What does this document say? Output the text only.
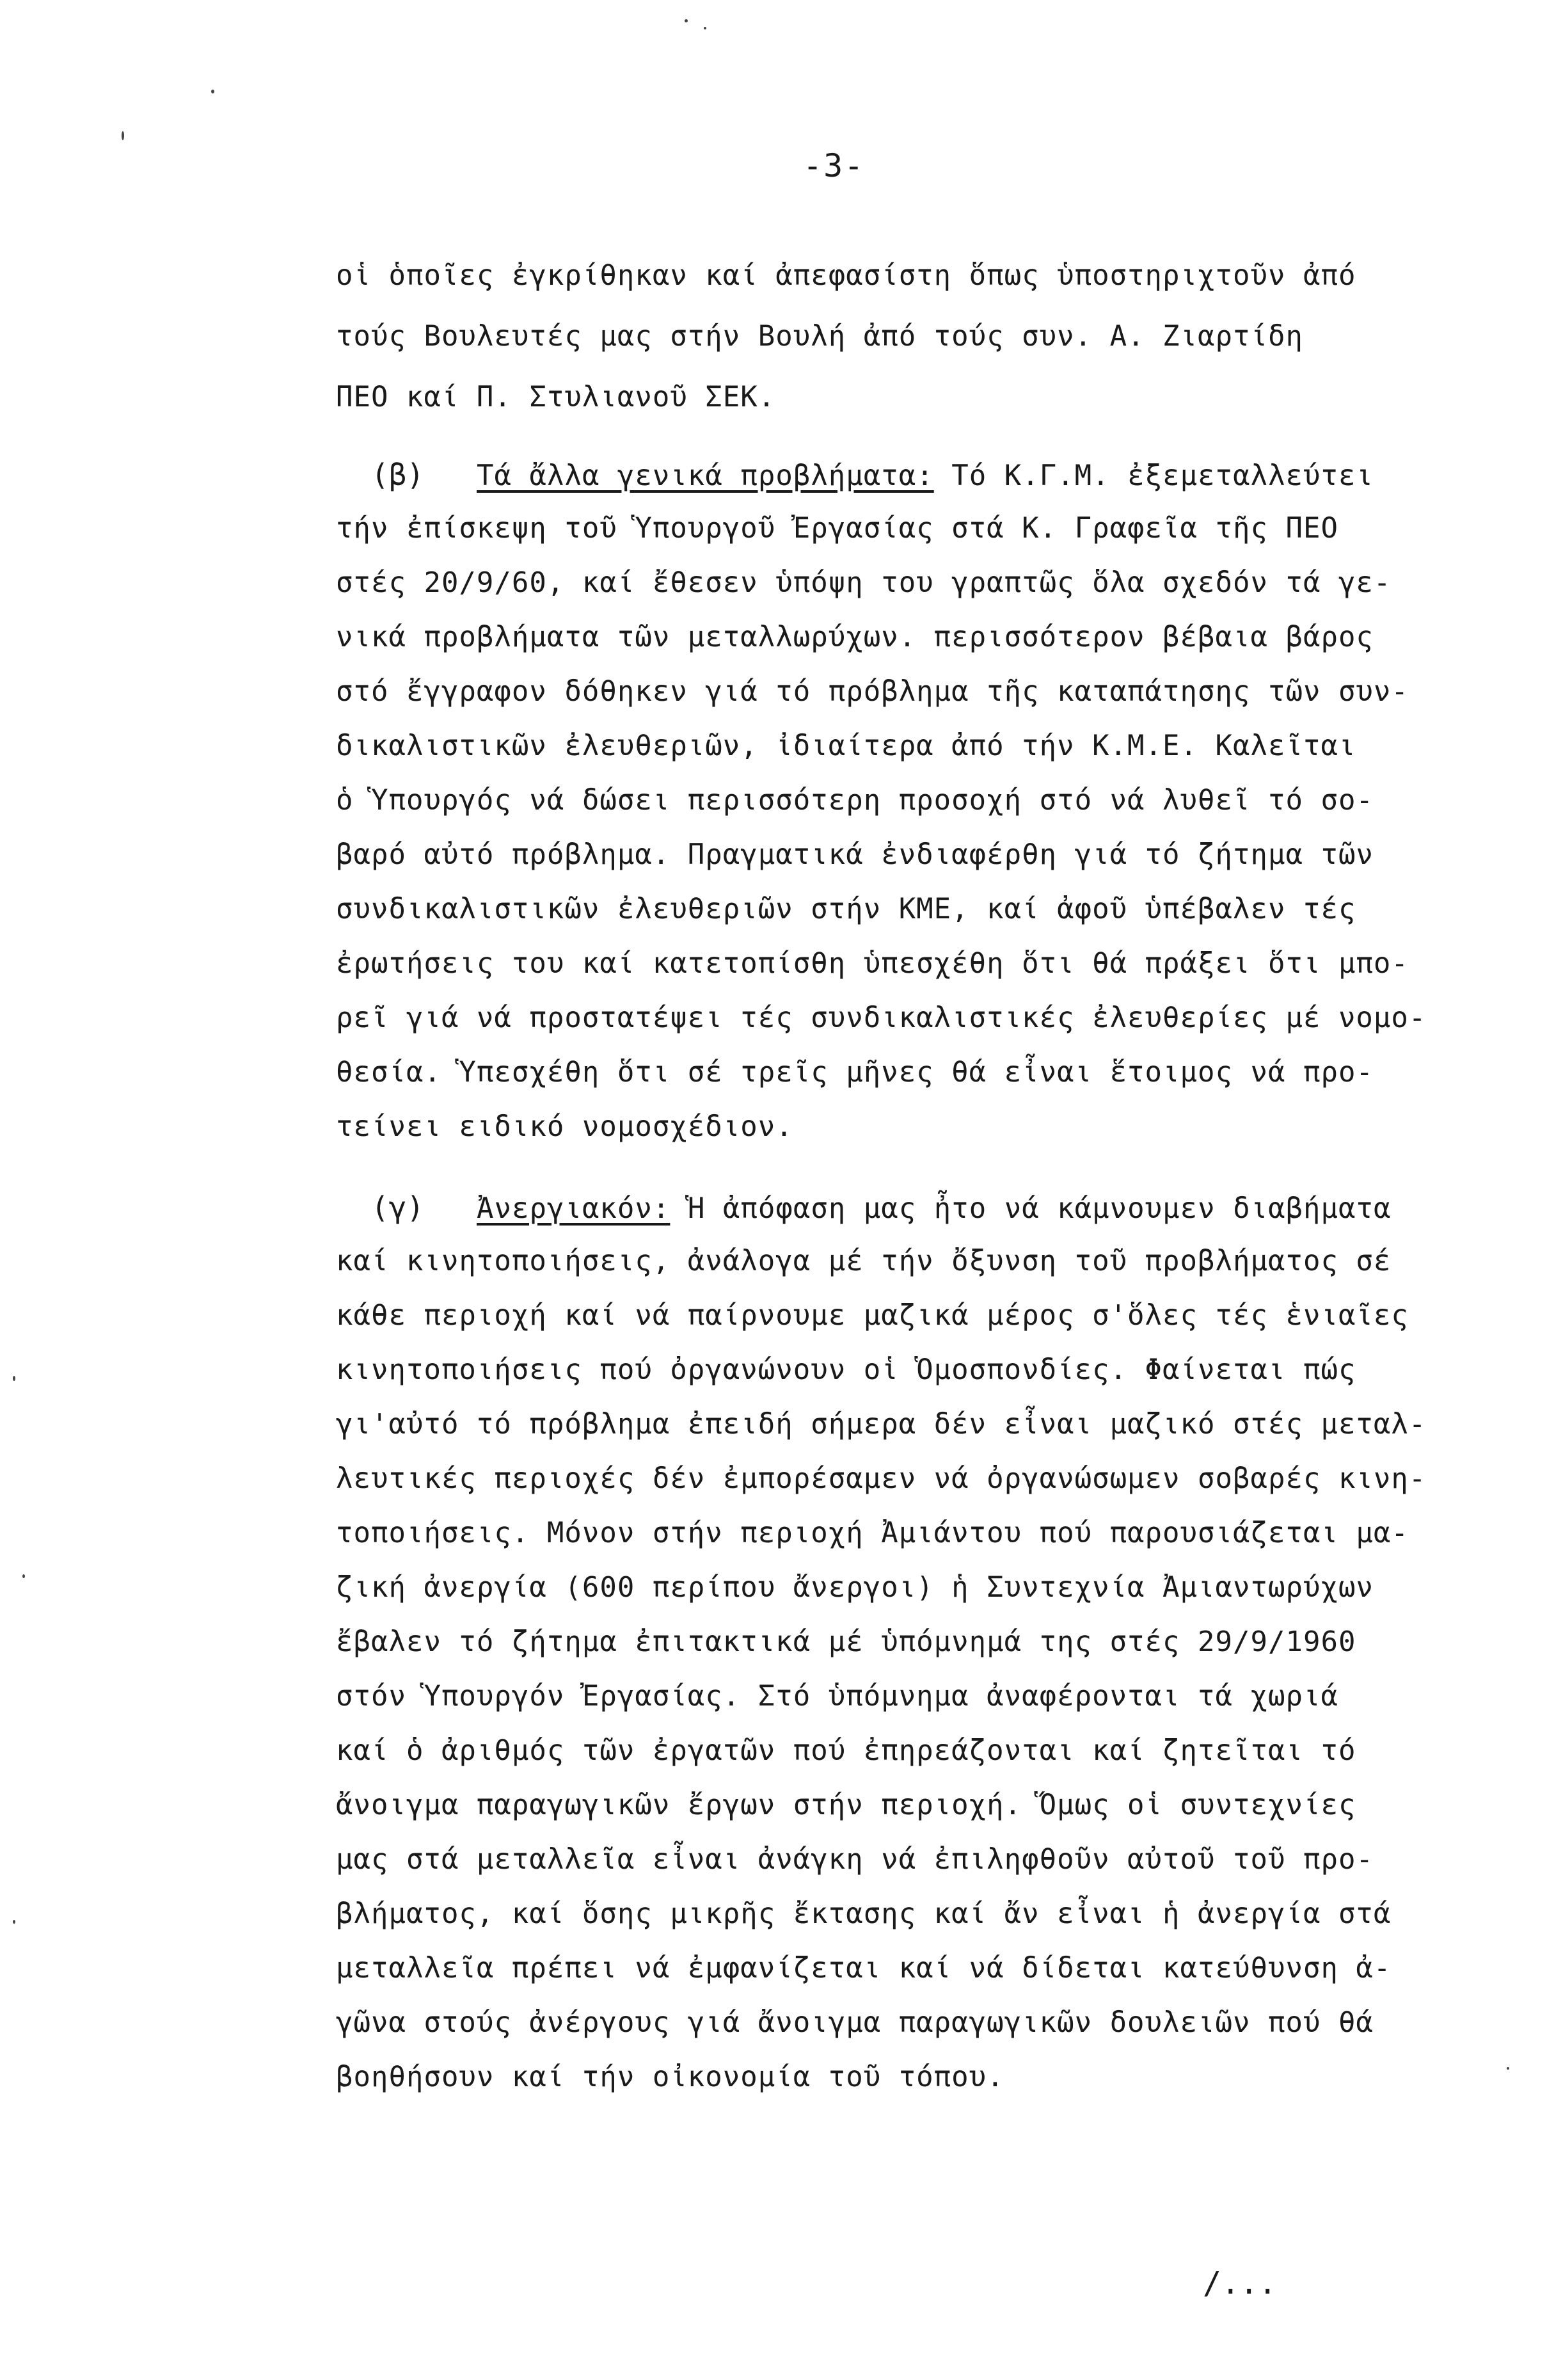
-3-
οἱ ὁποῖες ἐγκρίθηκαν καί ἀπεφασίστη ὅπως ὑποστηριχτοῦν ἀπό
τούς Βουλευτές μας στήν Βουλή ἀπό τούς συν. Α. Ζιαρτίδη
ΠΕΟ καί Π. Στυλιανοῦ ΣΕΚ.
(β) Τά ἄλλα γενικά προβλήματα: Τό Κ.Γ.Μ. ἐξεμεταλλεύτει
τήν ἐπίσκεψη τοῦ Ὑπουργοῦ Ἐργασίας στά Κ. Γραφεῖα τῆς ΠΕΟ
στές 20/9/60, καί ἔθεσεν ὑπόψη του γραπτῶς ὅλα σχεδόν τά γε-
νικά προβλήματα τῶν μεταλλωρύχων. περισσότερον βέβαια βάρος
στό ἔγγραφον δόθηκεν γιά τό πρόβλημα τῆς καταπάτησης τῶν συν-
δικαλιστικῶν ἐλευθεριῶν, ἰδιαίτερα ἀπό τήν Κ.Μ.Ε. Καλεῖται
ὁ Ὑπουργός νά δώσει περισσότερη προσοχή στό νά λυθεῖ τό σο-
βαρό αὐτό πρόβλημα. Πραγματικά ἐνδιαφέρθη γιά τό ζήτημα τῶν
συνδικαλιστικῶν ἐλευθεριῶν στήν ΚΜΕ, καί ἀφοῦ ὑπέβαλεν τές
ἐρωτήσεις του καί κατετοπίσθη ὑπεσχέθη ὅτι θά πράξει ὅτι μπο-
ρεῖ γιά νά προστατέψει τές συνδικαλιστικές ἐλευθερίες μέ νομο-
θεσία. Ὑπεσχέθη ὅτι σέ τρεῖς μῆνες θά εἶναι ἕτοιμος νά προ-
τείνει ειδικό νομοσχέδιον.
(γ) Ἀνεργιακόν: Ἡ ἀπόφαση μας ἦτο νά κάμνουμεν διαβήματα
καί κινητοποιήσεις, ἀνάλογα μέ τήν ὄξυνση τοῦ προβλήματος σέ
κάθε περιοχή καί νά παίρνουμε μαζικά μέρος σ'ὅλες τές ἑνιαῖες
κινητοποιήσεις πού ὀργανώνουν οἱ Ὁμοσπονδίες. Φαίνεται πώς
γι'αὐτό τό πρόβλημα ἐπειδή σήμερα δέν εἶναι μαζικό στές μεταλ-
λευτικές περιοχές δέν ἐμπορέσαμεν νά ὀργανώσωμεν σοβαρές κινη-
τοποιήσεις. Μόνον στήν περιοχή Ἀμιάντου πού παρουσιάζεται μα-
ζική ἀνεργία (600 περίπου ἄνεργοι) ἡ Συντεχνία Ἀμιαντωρύχων
ἔβαλεν τό ζήτημα ἐπιτακτικά μέ ὑπόμνημά της στές 29/9/1960
στόν Ὑπουργόν Ἐργασίας. Στό ὑπόμνημα ἀναφέρονται τά χωριά
καί ὁ ἀριθμός τῶν ἐργατῶν πού ἐπηρεάζονται καί ζητεῖται τό
ἄνοιγμα παραγωγικῶν ἔργων στήν περιοχή. Ὅμως οἱ συντεχνίες
μας στά μεταλλεῖα εἶναι ἀνάγκη νά ἐπιληφθοῦν αὐτοῦ τοῦ προ-
βλήματος, καί ὅσης μικρῆς ἔκτασης καί ἄν εἶναι ἡ ἀνεργία στά
μεταλλεῖα πρέπει νά ἐμφανίζεται καί νά δίδεται κατεύθυνση ἀ-
γῶνα στούς ἀνέργους γιά ἄνοιγμα παραγωγικῶν δουλειῶν πού θά
βοηθήσουν καί τήν οἰκονομία τοῦ τόπου.
/...
